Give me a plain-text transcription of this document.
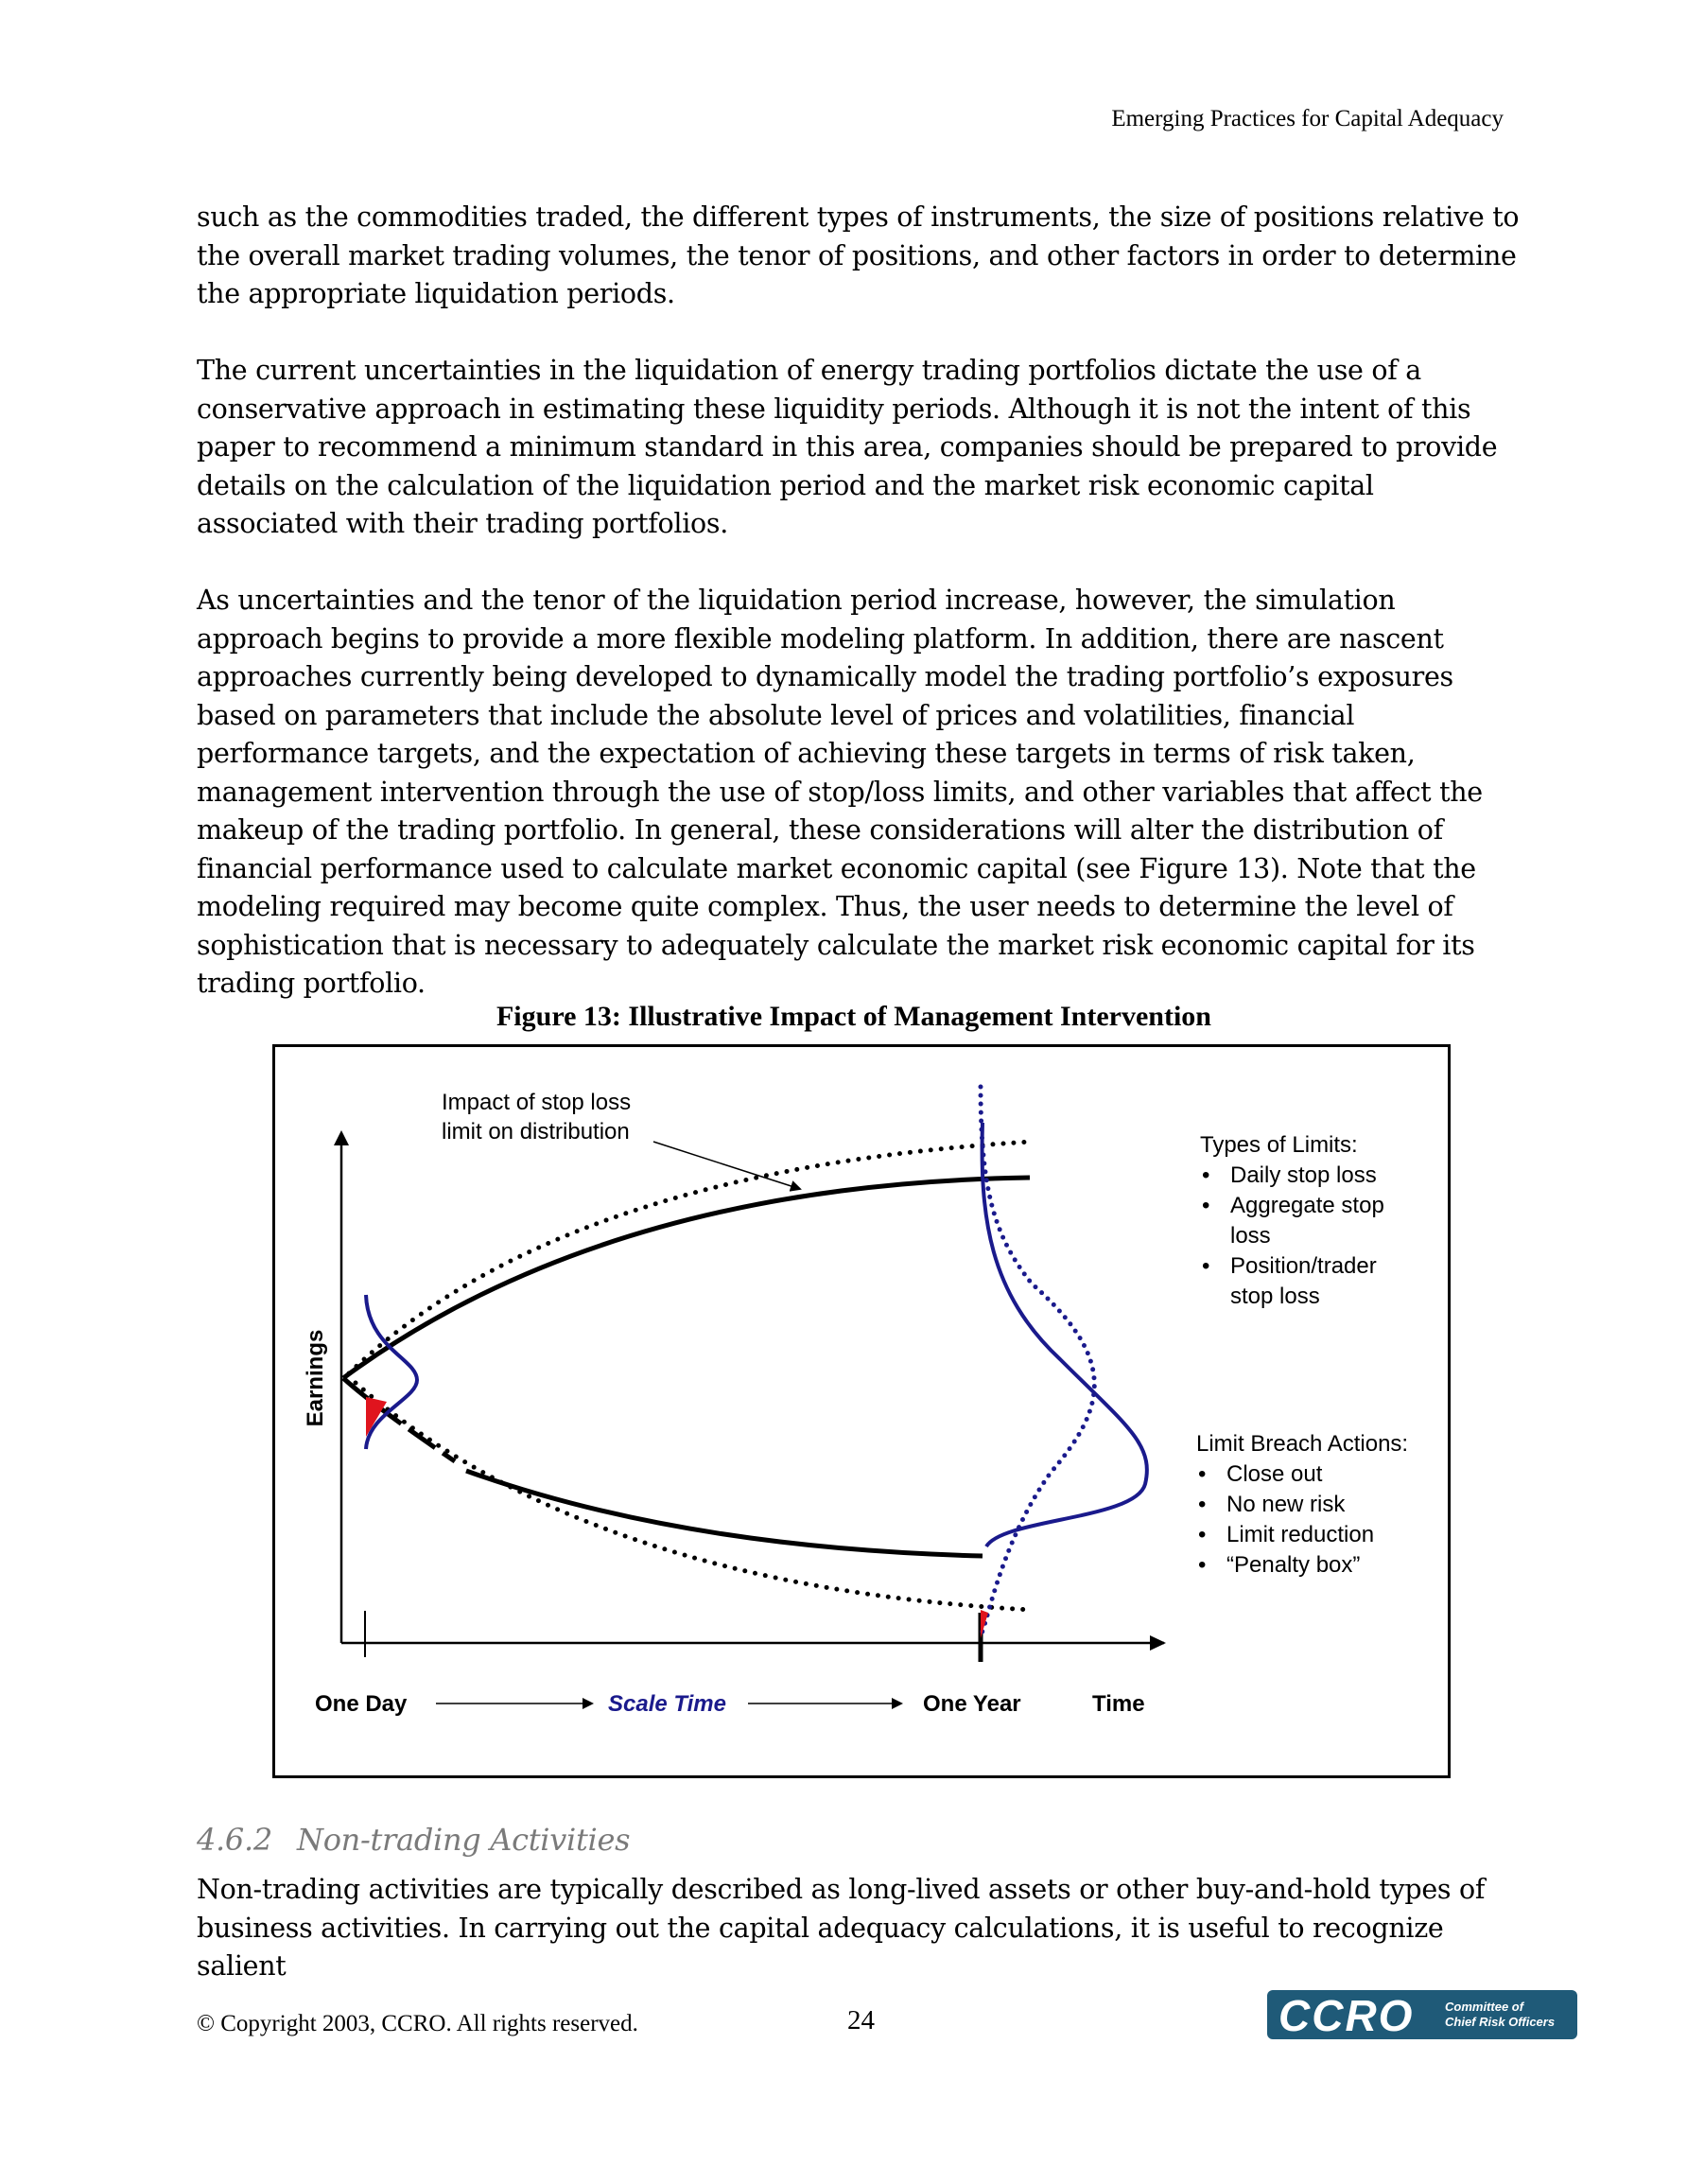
Emerging Practices for Capital Adequacy

such as the commodities traded, the different types of instruments, the size of positions relative to the overall market trading volumes, the tenor of positions, and other factors in order to determine the appropriate liquidation periods.

The current uncertainties in the liquidation of energy trading portfolios dictate the use of a conservative approach in estimating these liquidity periods. Although it is not the intent of this paper to recommend a minimum standard in this area, companies should be prepared to provide details on the calculation of the liquidation period and the market risk economic capital associated with their trading portfolios.

As uncertainties and the tenor of the liquidation period increase, however, the simulation approach begins to provide a more flexible modeling platform. In addition, there are nascent approaches currently being developed to dynamically model the trading portfolio’s exposures based on parameters that include the absolute level of prices and volatilities, financial performance targets, and the expectation of achieving these targets in terms of risk taken, management intervention through the use of stop/loss limits, and other variables that affect the makeup of the trading portfolio. In general, these considerations will alter the distribution of financial performance used to calculate market economic capital (see Figure 13). Note that the modeling required may become quite complex. Thus, the user needs to determine the level of sophistication that is necessary to adequately calculate the market risk economic capital for its trading portfolio.

Figure 13: Illustrative Impact of Management Intervention
Impact of stop loss
limit on distribution
Earnings
One Day	Scale Time	One Year	Time
Types of Limits:
• Daily stop loss
• Aggregate stop
loss
• Position/trader
stop loss
Limit Breach Actions:
• Close out
• No new risk
• Limit reduction
• “Penalty box”
4.6.2 Non-trading Activities

Non-trading activities are typically described as long-lived assets or other buy-and-hold types of business activities. In carrying out the capital adequacy calculations, it is useful to recognize salient

© Copyright 2003, CCRO. All rights reserved.	24	CCRO	Committee of
Chief Risk Officers
